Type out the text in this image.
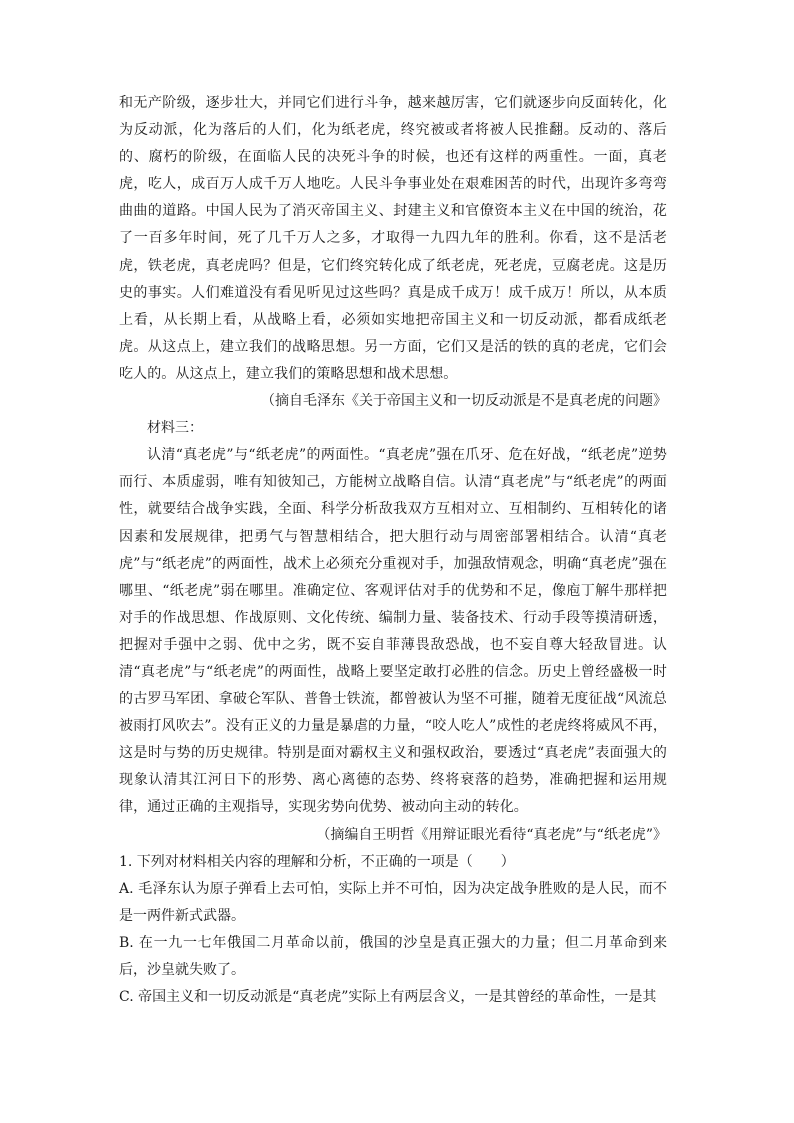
和无产阶级，逐步壮大，并同它们进行斗争，越来越厉害，它们就逐步向反面转化，化为反动派，化为落后的人们，化为纸老虎，终究被或者将被人民推翻。反动的、落后的、腐朽的阶级，在面临人民的决死斗争的时候，也还有这样的两重性。一面，真老虎，吃人，成百万人成千万人地吃。人民斗争事业处在艰难困苦的时代，出现许多弯弯曲曲的道路。中国人民为了消灭帝国主义、封建主义和官僚资本主义在中国的统治，花了一百多年时间，死了几千万人之多，才取得一九四九年的胜利。你看，这不是活老虎，铁老虎，真老虎吗？但是，它们终究转化成了纸老虎，死老虎，豆腐老虎。这是历史的事实。人们难道没有看见听见过这些吗？真是成千成万！成千成万！所以，从本质上看，从长期上看，从战略上看，必须如实地把帝国主义和一切反动派，都看成纸老虎。从这点上，建立我们的战略思想。另一方面，它们又是活的铁的真的老虎，它们会吃人的。从这点上，建立我们的策略思想和战术思想。

（摘自毛泽东《关于帝国主义和一切反动派是不是真老虎的问题》

材料三：

认清“真老虎”与“纸老虎”的两面性。“真老虎”强在爪牙、危在好战，“纸老虎”逆势而行、本质虚弱，唯有知彼知己，方能树立战略自信。认清“真老虎”与“纸老虎”的两面性，就要结合战争实践，全面、科学分析敌我双方互相对立、互相制约、互相转化的诸因素和发展规律，把勇气与智慧相结合，把大胆行动与周密部署相结合。认清“真老虎”与“纸老虎”的两面性，战术上必须充分重视对手，加强敌情观念，明确“真老虎”强在哪里、“纸老虎”弱在哪里。准确定位、客观评估对手的优势和不足，像庖丁解牛那样把对手的作战思想、作战原则、文化传统、编制力量、装备技术、行动手段等摸清研透，把握对手强中之弱、优中之劣，既不妄自菲薄畏敌恐战，也不妄自尊大轻敌冒进。认清“真老虎”与“纸老虎”的两面性，战略上要坚定敢打必胜的信念。历史上曾经盛极一时的古罗马军团、拿破仑军队、普鲁士铁流，都曾被认为坚不可摧，随着无度征战“风流总被雨打风吹去”。没有正义的力量是暴虐的力量，“咬人吃人”成性的老虎终将威风不再，这是时与势的历史规律。特别是面对霸权主义和强权政治，要透过“真老虎”表面强大的现象认清其江河日下的形势、离心离德的态势、终将衰落的趋势，准确把握和运用规律，通过正确的主观指导，实现劣势向优势、被动向主动的转化。

（摘编自王明哲《用辩证眼光看待“真老虎”与“纸老虎”》

1. 下列对材料相关内容的理解和分析，不正确的一项是（　　）

A. 毛泽东认为原子弹看上去可怕，实际上并不可怕，因为决定战争胜败的是人民，而不是一两件新式武器。

B. 在一九一七年俄国二月革命以前，俄国的沙皇是真正强大的力量；但二月革命到来后，沙皇就失败了。

C. 帝国主义和一切反动派是“真老虎”实际上有两层含义，一是其曾经的革命性，一是其
